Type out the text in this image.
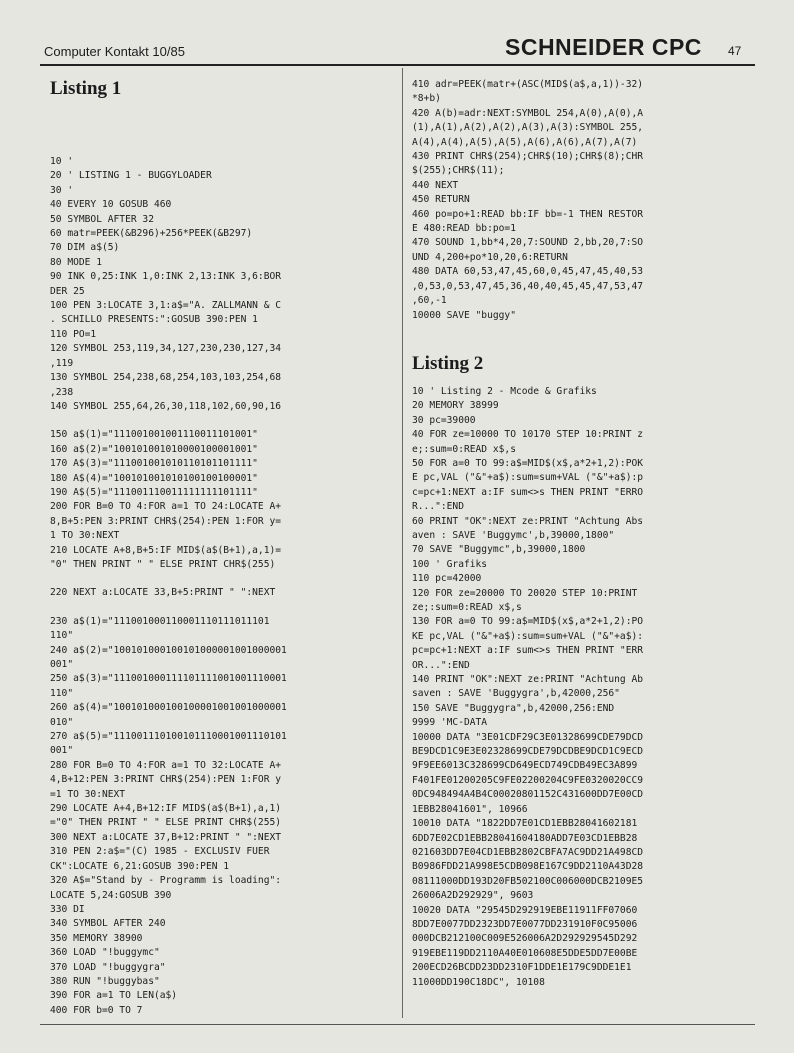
Computer Kontakt 10/85	SCHNEIDER CPC 47
Listing 1
10 '
20 ' LISTING 1 - BUGGYLOADER
30 '
40 EVERY 10 GOSUB 460
50 SYMBOL AFTER 32
60 matr=PEEK(&B296)+256*PEEK(&B297)
70 DIM a$(5)
80 MODE 1
90 INK 0,25:INK 1,0:INK 2,13:INK 3,6:BOR
DER 25
100 PEN 3:LOCATE 3,1:a$="A. ZALLMANN & C
. SCHILLO PRESENTS:":GOSUB 390:PEN 1
110 PO=1
120 SYMBOL 253,119,34,127,230,230,127,34
,119
130 SYMBOL 254,238,68,254,103,103,254,68
,238
140 SYMBOL 255,64,26,30,118,102,60,90,16
150 a$(1)="111001001001110011101001"
160 a$(2)="100101001010000100001001"
170 A$(3)="111001001010110101101111"
180 A$(4)="100101001010100100100001"
190 A$(5)="111001110011111111101111"
200 FOR B=0 TO 4:FOR a=1 TO 24:LOCATE A+
8,B+5:PEN 3:PRINT CHR$(254):PEN 1:FOR y=
1 TO 30:NEXT
210 LOCATE A+8,B+5:IF MID$(a$(B+1),a,1)=
"0" THEN PRINT " " ELSE PRINT CHR$(255)
220 NEXT a:LOCATE 33,B+5:PRINT " ":NEXT
230 a$(1)="111001000110001110111011101
110"
240 a$(2)="100101000100101000001001000001
001"
250 a$(3)="111001000111101111001001110001
110"
260 a$(4)="100101000100100001001001000001
010"
270 a$(5)="111001110100101110001001110101
001"
280 FOR B=0 TO 4:FOR a=1 TO 32:LOCATE A+
4,B+12:PEN 3:PRINT CHR$(254):PEN 1:FOR y
=1 TO 30:NEXT
290 LOCATE A+4,B+12:IF MID$(a$(B+1),a,1)
="0" THEN PRINT " " ELSE PRINT CHR$(255)
300 NEXT a:LOCATE 37,B+12:PRINT " ":NEXT
310 PEN 2:a$="(C) 1985 - EXCLUSIV FUER
CK":LOCATE 6,21:GOSUB 390:PEN 1
320 A$="Stand by - Programm is loading":
LOCATE 5,24:GOSUB 390
330 DI
340 SYMBOL AFTER 240
350 MEMORY 38900
360 LOAD "!buggymc"
370 LOAD "!buggygra"
380 RUN "!buggybas"
390 FOR a=1 TO LEN(a$)
400 FOR b=0 TO 7
410 adr=PEEK(matr+(ASC(MID$(a$,a,1))-32)
*8+b)
420 A(b)=adr:NEXT:SYMBOL 254,A(0),A(0),A
(1),A(1),A(2),A(2),A(3),A(3):SYMBOL 255,
A(4),A(4),A(5),A(5),A(6),A(6),A(7),A(7)
430 PRINT CHR$(254);CHR$(10);CHR$(8);CHR
$(255);CHR$(11);
440 NEXT
450 RETURN
460 po=po+1:READ bb:IF bb=-1 THEN RESTOR
E 480:READ bb:po=1
470 SOUND 1,bb*4,20,7:SOUND 2,bb,20,7:SO
UND 4,200+po*10,20,6:RETURN
480 DATA 60,53,47,45,60,0,45,47,45,40,53
,0,53,0,53,47,45,36,40,40,45,45,47,53,47
,60,-1
10000 SAVE "buggy"
Listing 2
10 ' Listing 2 - Mcode & Grafiks
20 MEMORY 38999
30 pc=39000
40 FOR ze=10000 TO 10170 STEP 10:PRINT z
e;:sum=0:READ x$,s
50 FOR a=0 TO 99:a$=MID$(x$,a*2+1,2):POK
E pc,VAL ("&"+a$):sum=sum+VAL ("&"+a$):p
c=pc+1:NEXT a:IF sum<>s THEN PRINT "ERRO
R...":END
60 PRINT "OK":NEXT ze:PRINT "Achtung Abs
aven : SAVE 'Buggymc',b,39000,1800"
70 SAVE "Buggymc",b,39000,1800
100 ' Grafiks
110 pc=42000
120 FOR ze=20000 TO 20020 STEP 10:PRINT
ze;:sum=0:READ x$,s
130 FOR a=0 TO 99:a$=MID$(x$,a*2+1,2):PO
KE pc,VAL ("&"+a$):sum=sum+VAL ("&"+a$):
pc=pc+1:NEXT a:IF sum<>s THEN PRINT "ERR
OR...":END
140 PRINT "OK":NEXT ze:PRINT "Achtung Ab
saven : SAVE 'Buggygra',b,42000,256"
150 SAVE "Buggygra",b,42000,256:END
9999 'MC-DATA
10000 DATA "3E01CDF29C3E01328699CDE79DCD
BE9DCD1C9E3E02328699CDE79DCDBE9DCD1C9ECD
9F9EE6013C328699CD649ECD749CDB49EC3A899
F401FE01200205C9FE02200204C9FE0320020CC9
0DC948494A4B4C00020801152C431600DD7E00CD
1EBB28041601", 10966
10010 DATA "1822DD7E01CD1EBB28041602181
6DD7E02CD1EBB28041604180ADD7E03CD1EBB28
021603DD7E04CD1EBB2802CBFA7AC9DD21A498CD
B0986FDD21A998E5CDB098E167C9DD2110A43D28
08111000DD193D20FB502100C006000DCB2109E5
26006A2D292929", 9603
10020 DATA "29545D292919EBE11911FF07060
8DD7E0077DD2323DD7E0077DD231910F0C95006
000DCB212100C009E526006A2D292929545D292
919EBE119DD2110A40E010608E5DDE5DD7E00BE
200ECD26BCDD23DD2310F1DDE1E179C9DDE1E1
11000DD190C18DC", 10108
